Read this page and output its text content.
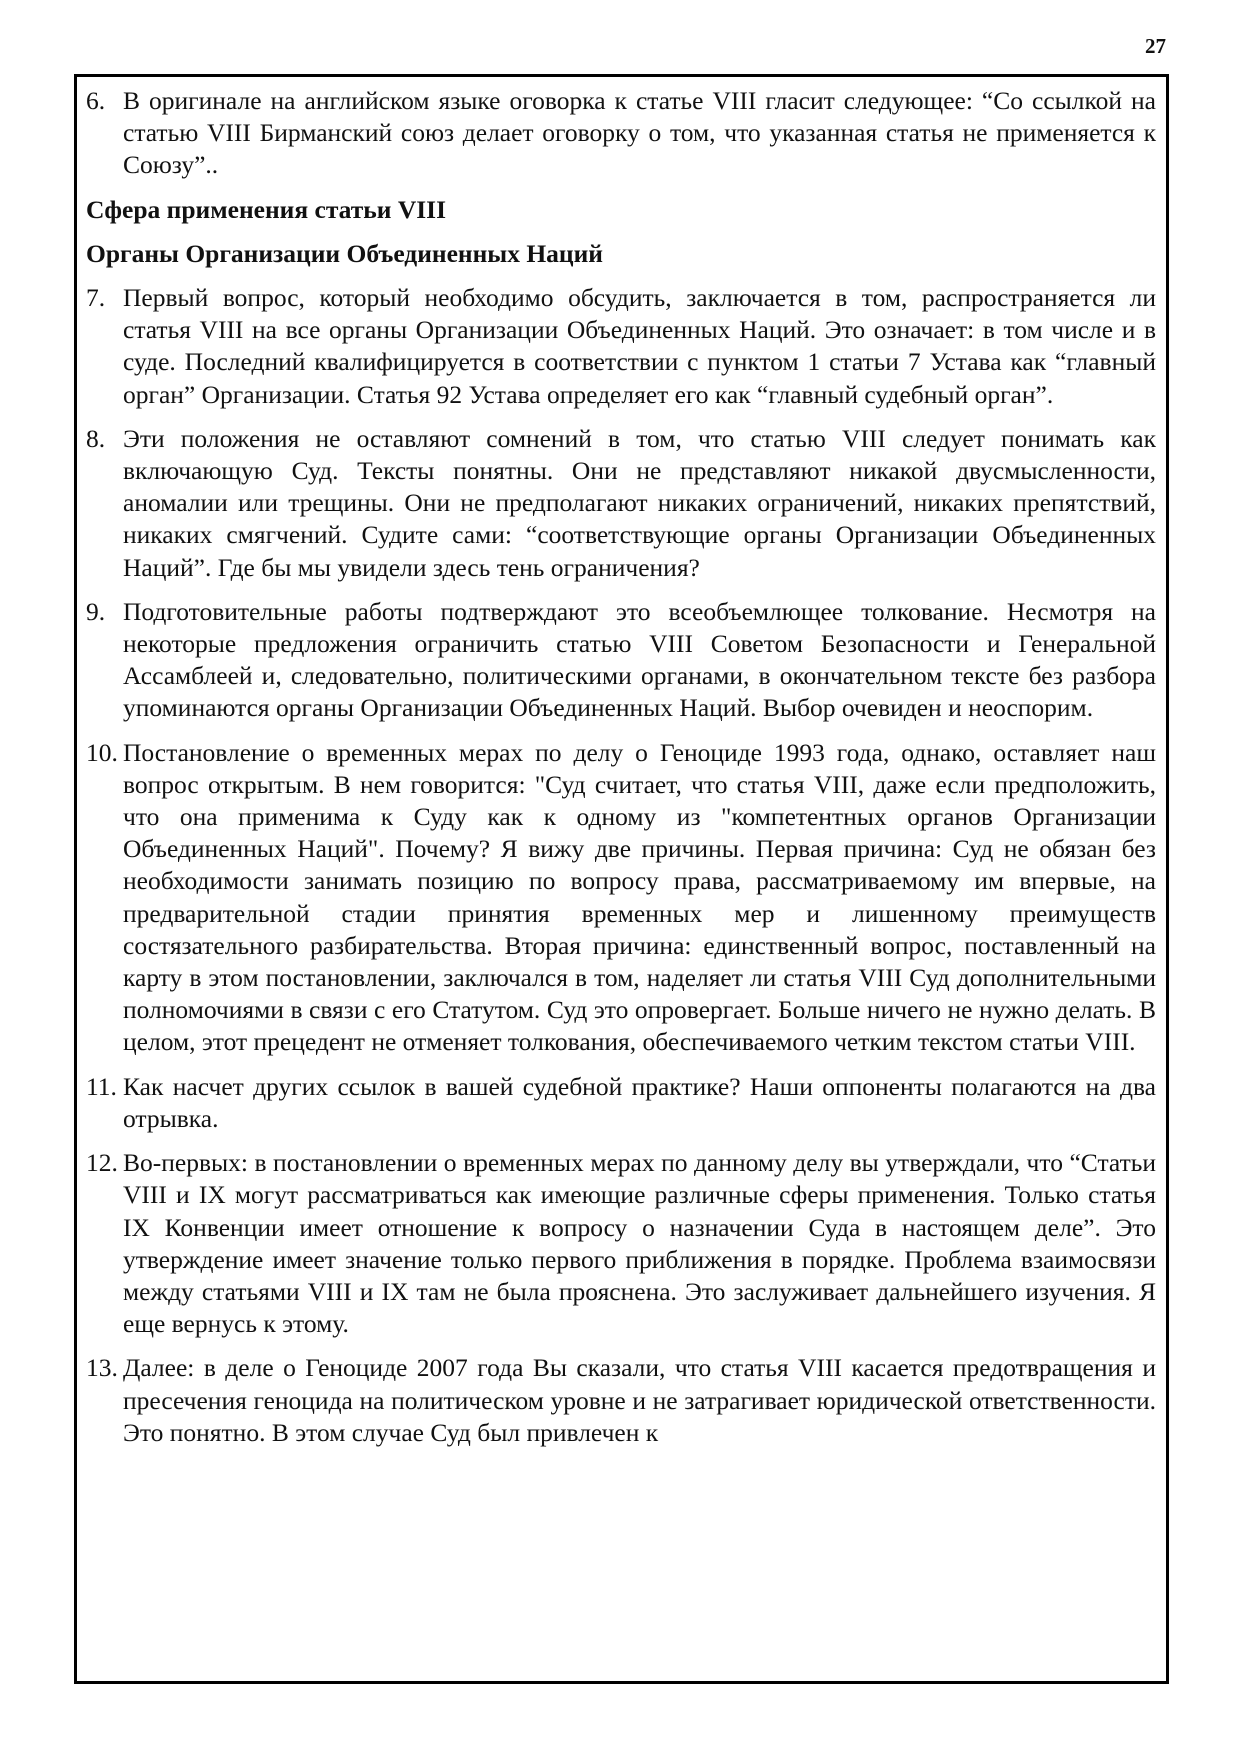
27
6. В оригинале на английском языке оговорка к статье VIII гласит следующее: “Со ссылкой на статью VIII Бирманский союз делает оговорку о том, что указанная статья не применяется к Союзу”..
Сфера применения статьи VIII
Органы Организации Объединенных Наций
7. Первый вопрос, который необходимо обсудить, заключается в том, распространяется ли статья VIII на все органы Организации Объединенных Наций. Это означает: в том числе и в суде. Последний квалифицируется в соответствии с пунктом 1 статьи 7 Устава как “главный орган” Организации. Статья 92 Устава определяет его как “главный судебный орган”.
8. Эти положения не оставляют сомнений в том, что статью VIII следует понимать как включающую Суд. Тексты понятны. Они не представляют никакой двусмысленности, аномалии или трещины. Они не предполагают никаких ограничений, никаких препятствий, никаких смягчений. Судите сами: “соответствующие органы Организации Объединенных Наций”. Где бы мы увидели здесь тень ограничения?
9. Подготовительные работы подтверждают это всеобъемлющее толкование. Несмотря на некоторые предложения ограничить статью VIII Советом Безопасности и Генеральной Ассамблеей и, следовательно, политическими органами, в окончательном тексте без разбора упоминаются органы Организации Объединенных Наций. Выбор очевиден и неоспорим.
10. Постановление о временных мерах по делу о Геноциде 1993 года, однако, оставляет наш вопрос открытым. В нем говорится: "Суд считает, что статья VIII, даже если предположить, что она применима к Суду как к одному из "компетентных органов Организации Объединенных Наций". Почему? Я вижу две причины. Первая причина: Суд не обязан без необходимости занимать позицию по вопросу права, рассматриваемому им впервые, на предварительной стадии принятия временных мер и лишенному преимуществ состязательного разбирательства. Вторая причина: единственный вопрос, поставленный на карту в этом постановлении, заключался в том, наделяет ли статья VIII Суд дополнительными полномочиями в связи с его Статутом. Суд это опровергает. Больше ничего не нужно делать. В целом, этот прецедент не отменяет толкования, обеспечиваемого четким текстом статьи VIII.
11. Как насчет других ссылок в вашей судебной практике? Наши оппоненты полагаются на два отрывка.
12. Во-первых: в постановлении о временных мерах по данному делу вы утверждали, что “Статьи VIII и IX могут рассматриваться как имеющие различные сферы применения. Только статья IX Конвенции имеет отношение к вопросу о назначении Суда в настоящем деле”. Это утверждение имеет значение только первого приближения в порядке. Проблема взаимосвязи между статьями VIII и IX там не была прояснена. Это заслуживает дальнейшего изучения. Я еще вернусь к этому.
13. Далее: в деле о Геноциде 2007 года Вы сказали, что статья VIII касается предотвращения и пресечения геноцида на политическом уровне и не затрагивает юридической ответственности. Это понятно. В этом случае Суд был привлечен к
